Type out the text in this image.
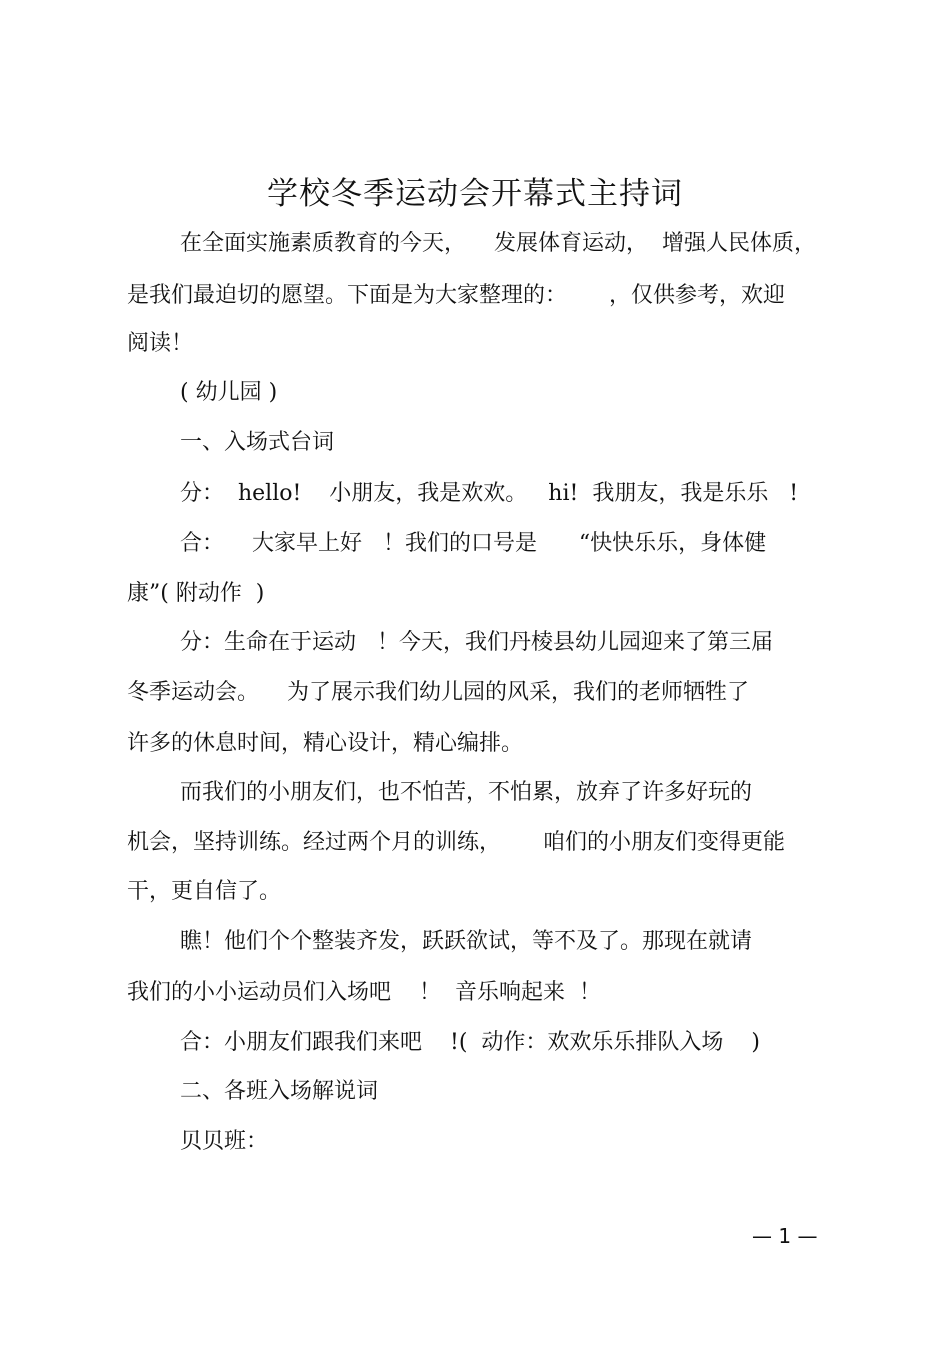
学校冬季运动会开幕式主持词
在全面实施素质教育的今天，    发展体育运动，  增强人民体质，
是我们最迫切的愿望。下面是为大家整理的：      ，仅供参考，欢迎
阅读！
( 幼儿园 )
一、入场式台词
分：  hello!    小朋友，我是欢欢。   hi!  我朋友，我是乐乐   !
合：    大家早上好   ！我们的口号是      “快快乐乐，身体健
康”( 附动作  )
分：生命在于运动   ！今天，我们丹棱县幼儿园迎来了第三届
冬季运动会。    为了展示我们幼儿园的风采，我们的老师牺牲了
许多的休息时间，精心设计，精心编排。
而我们的小朋友们，也不怕苦，不怕累，放弃了许多好玩的
机会，坚持训练。经过两个月的训练，      咱们的小朋友们变得更能
干，更自信了。
瞧！他们个个整装齐发，跃跃欲试，等不及了。那现在就请
我们的小小运动员们入场吧    ！  音乐响起来  ！
合：小朋友们跟我们来吧    !(  动作：欢欢乐乐排队入场    )
二、各班入场解说词
贝贝班：
— 1 —
